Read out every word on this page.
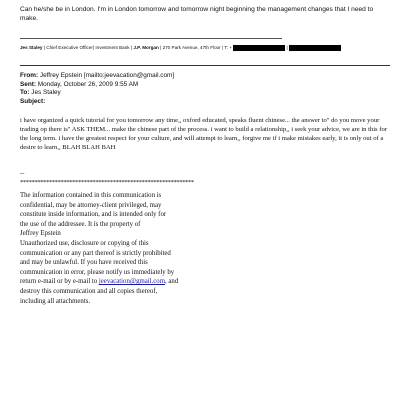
Can he/she be in London. I'm in London tomorrow and tomorrow night beginning the management changes that I need to make.
Jes Staley | Chief Executive Officer| Investment Bank | J.P. Morgan | 270 Park Avenue, 47th Floor | T: +	|
From: Jeffrey Epstein [mailto:jeevacation@gmail.com]
Sent: Monday, October 26, 2009 9:55 AM
To: Jes Staley
Subject:
i have organized a quick tutorial for you tomorrow any time,, oxford educated, speaks fluent chinese... the answer to" do you move your trading op there is" ASK THEM... make the chinese part of the process. i want to build a relationship,, i seek your advice, we are in this for the long term. i have the greatest respect for your culture, and will attempt to learn,, forgive me if i make mistakes early, it is only out of a desire to learn,, BLAH BLAH BAH
--
************************************************************
The information contained in this communication is
confidential, may be attorney-client privileged, may
constitute inside information, and is intended only for
the use of the addressee. It is the property of
Jeffrey Epstein
Unauthorized use, disclosure or copying of this
communication or any part thereof is strictly prohibited
and may be unlawful. If you have received this
communication in error, please notify us immediately by
return e-mail or by e-mail to jeevacation@gmail.com, and
destroy this communication and all copies thereof,
including all attachments.
